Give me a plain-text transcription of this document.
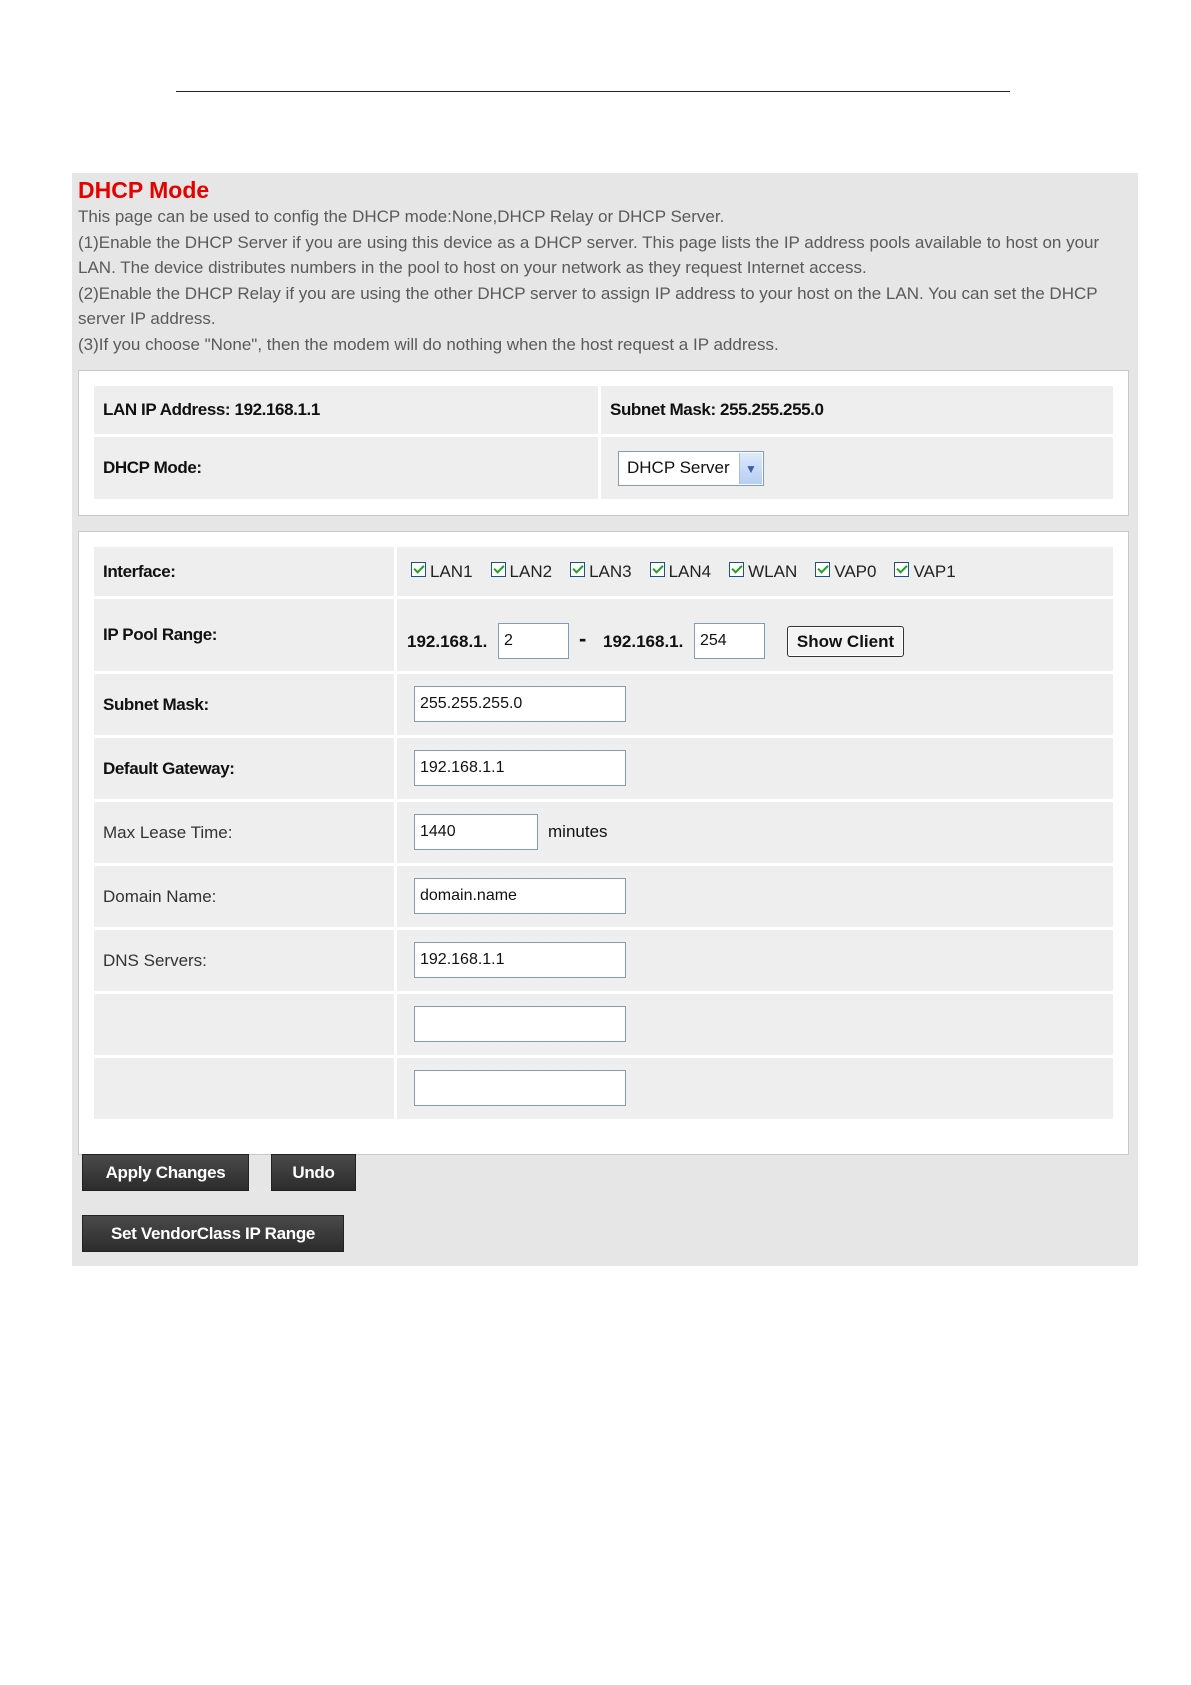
DHCP Mode

This page can be used to config the DHCP mode:None,DHCP Relay or DHCP Server.

(1)Enable the DHCP Server if you are using this device as a DHCP server. This page lists the IP address pools available to host on your LAN. The device distributes numbers in the pool to host on your network as they request Internet access.

(2)Enable the DHCP Relay if you are using the other DHCP server to assign IP address to your host on the LAN. You can set the DHCP server IP address.

(3)If you choose "None", then the modem will do nothing when the host request a IP address.

LAN IP Address: 192.168.1.1	Subnet Mask: 255.255.255.0
DHCP Mode:	DHCP Server	▼
Interface:	LAN1 LAN2 LAN3 LAN4 WLAN VAP0 VAP1
IP Pool Range:	192.168.1.	2	- 192.168.1.	254	Show Client
Subnet Mask:	255.255.255.0
Default Gateway:	192.168.1.1
Max Lease Time:	1440	minutes
Domain Name:	domain.name
DNS Servers:	192.168.1.1
Apply Changes	Undo
Set VendorClass IP Range
